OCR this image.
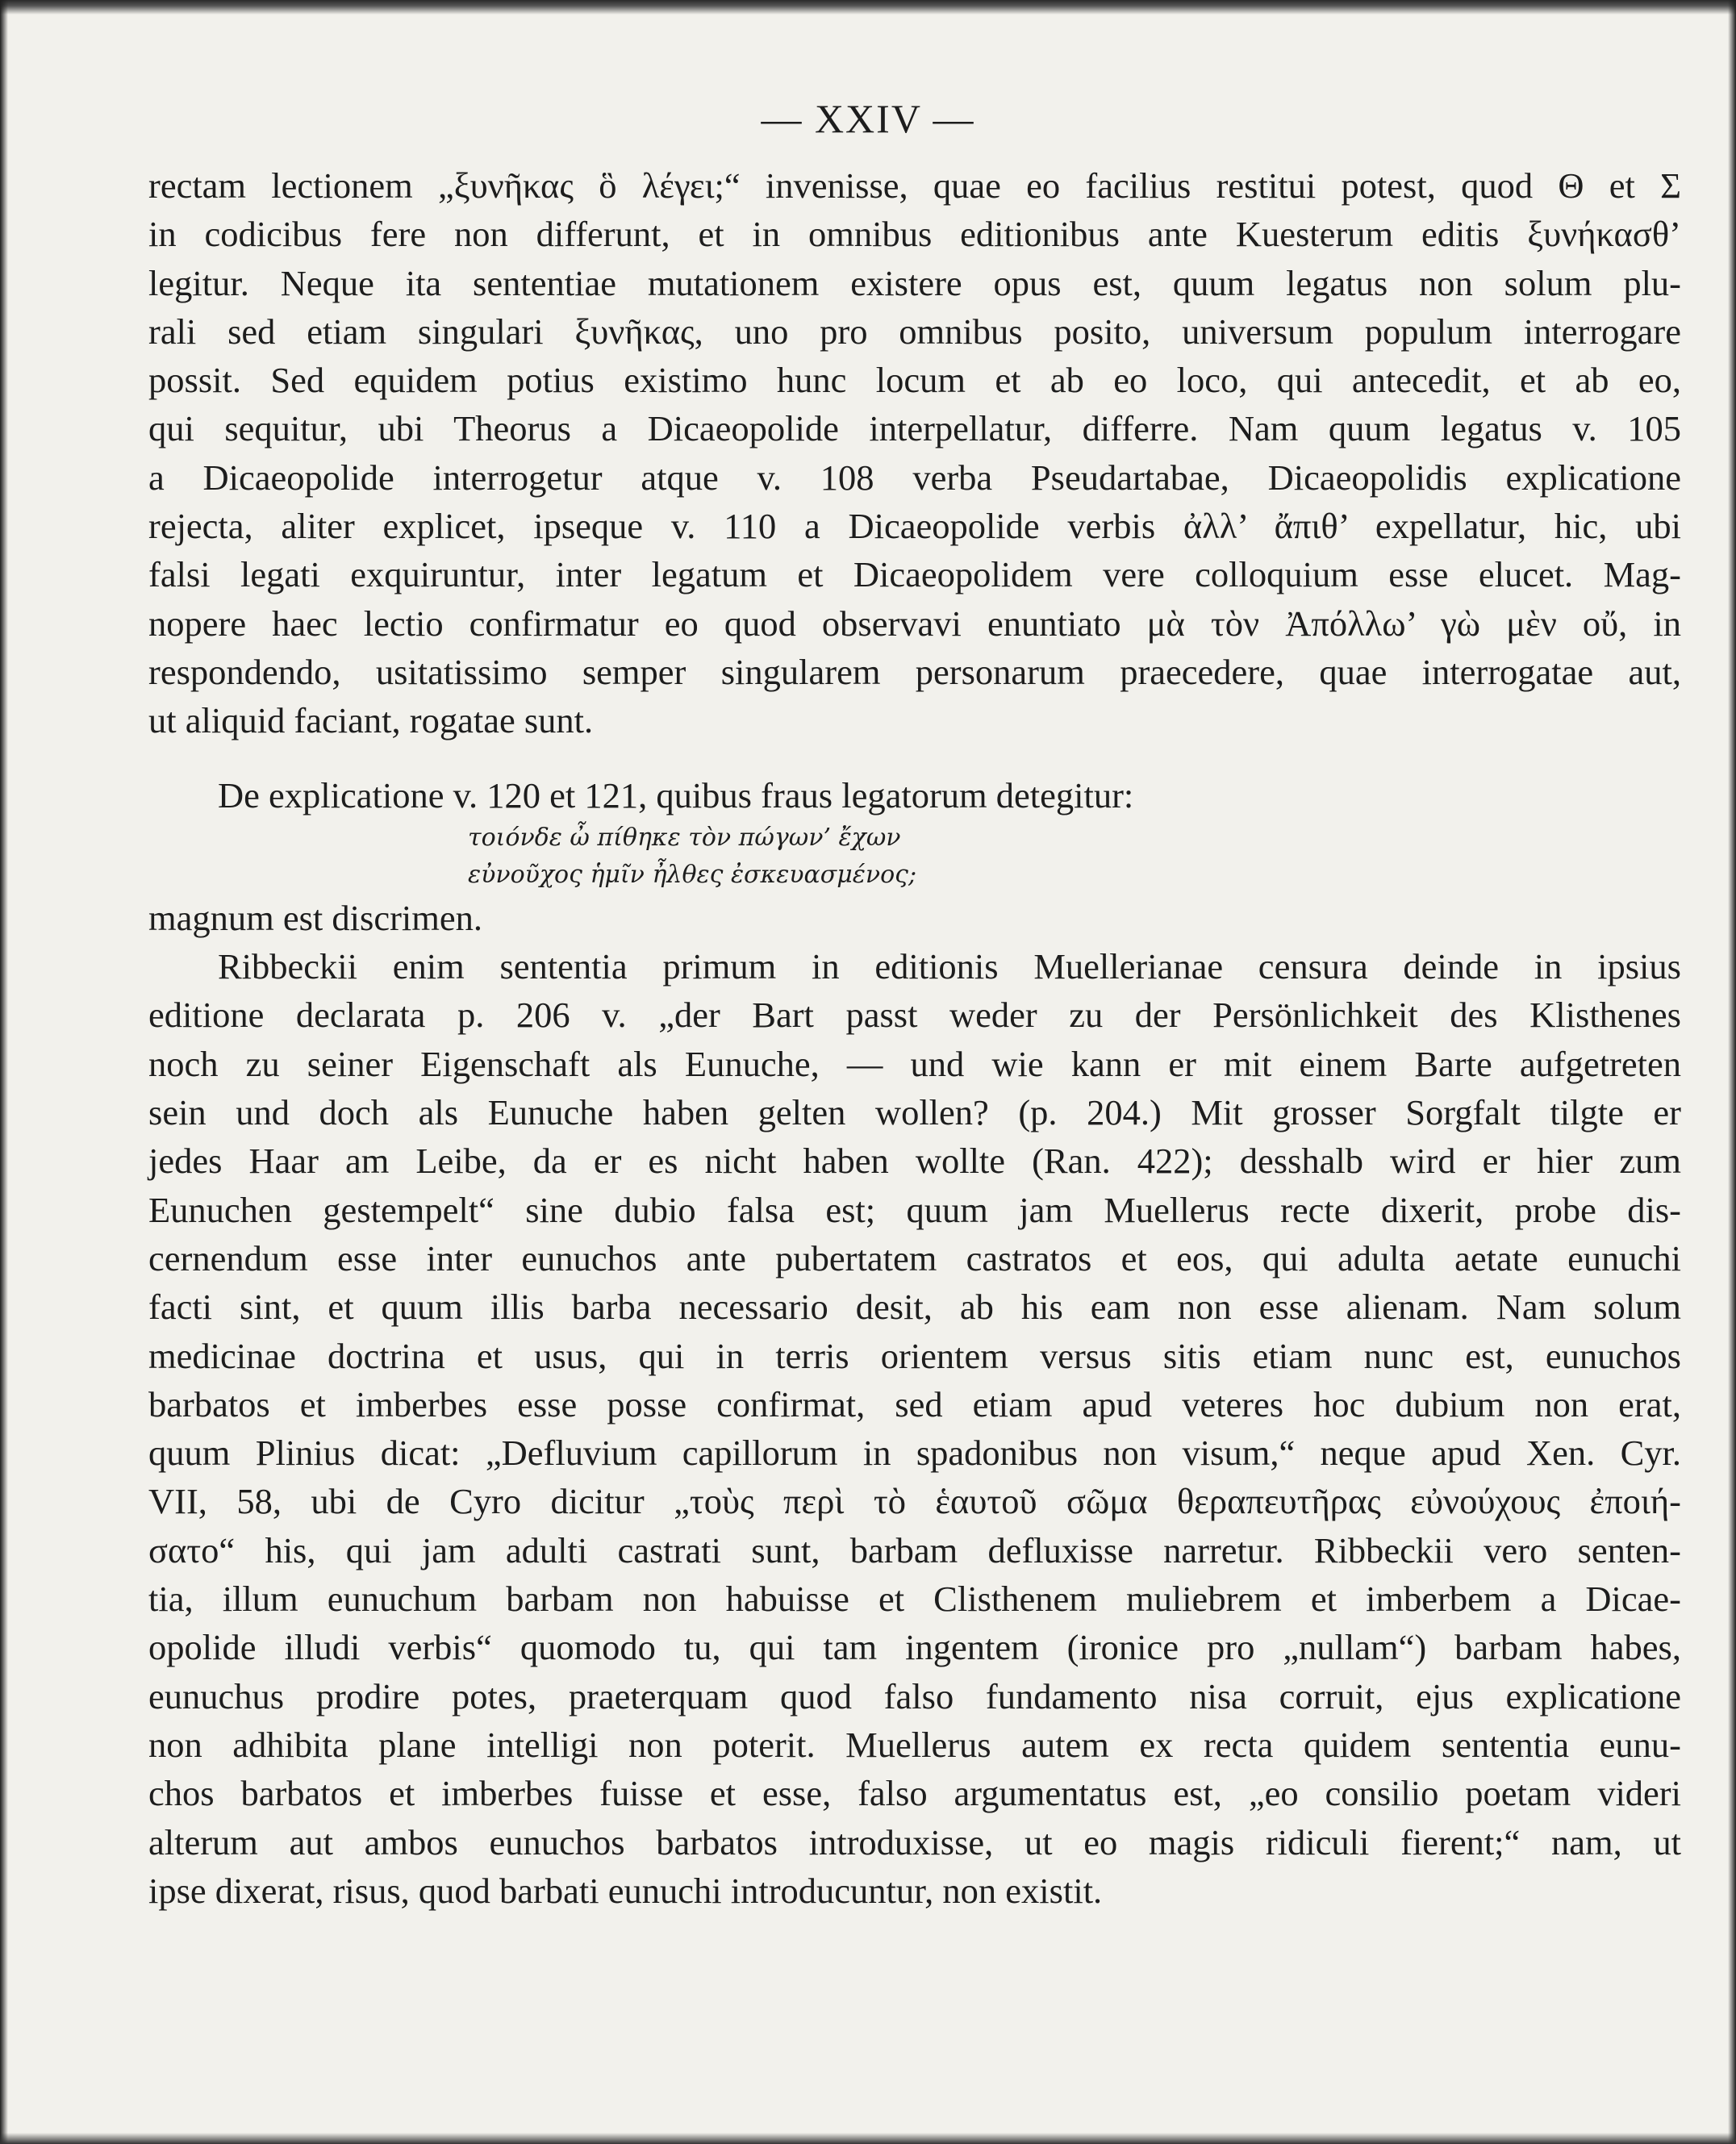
— XXIV —
rectam lectionem „ξυνῆκας ὃ λέγει;“ invenisse, quae eo facilius restitui potest, quod Θ et Σ
in codicibus fere non differunt, et in omnibus editionibus ante Kuesterum editis ξυνήκασθ’
legitur. Neque ita sententiae mutationem existere opus est, quum legatus non solum plu-
rali sed etiam singulari ξυνῆκας, uno pro omnibus posito, universum populum interrogare
possit. Sed equidem potius existimo hunc locum et ab eo loco, qui antecedit, et ab eo,
qui sequitur, ubi Theorus a Dicaeopolide interpellatur, differre. Nam quum legatus v. 105
a Dicaeopolide interrogetur atque v. 108 verba Pseudartabae, Dicaeopolidis explicatione
rejecta, aliter explicet, ipseque v. 110 a Dicaeopolide verbis ἀλλ’ ἄπιθ’ expellatur, hic, ubi
falsi legati exquiruntur, inter legatum et Dicaeopolidem vere colloquium esse elucet. Mag-
nopere haec lectio confirmatur eo quod observavi enuntiato μὰ τὸν Ἀπόλλω’ γὼ μὲν οὔ, in
respondendo, usitatissimo semper singularem personarum praecedere, quae interrogatae aut,
ut aliquid faciant, rogatae sunt.
De explicatione v. 120 et 121, quibus fraus legatorum detegitur:
τοιόνδε ὦ πίθηκε τὸν πώγων’ ἔχων
εὐνοῦχος ἡμῖν ἦλθες ἐσκευασμένος;
magnum est discrimen.
Ribbeckii enim sententia primum in editionis Muellerianae censura deinde in ipsius
editione declarata p. 206 v. „der Bart passt weder zu der Persönlichkeit des Klisthenes
noch zu seiner Eigenschaft als Eunuche, — und wie kann er mit einem Barte aufgetreten
sein und doch als Eunuche haben gelten wollen? (p. 204.) Mit grosser Sorgfalt tilgte er
jedes Haar am Leibe, da er es nicht haben wollte (Ran. 422); desshalb wird er hier zum
Eunuchen gestempelt“ sine dubio falsa est; quum jam Muellerus recte dixerit, probe dis-
cernendum esse inter eunuchos ante pubertatem castratos et eos, qui adulta aetate eunuchi
facti sint, et quum illis barba necessario desit, ab his eam non esse alienam. Nam solum
medicinae doctrina et usus, qui in terris orientem versus sitis etiam nunc est, eunuchos
barbatos et imberbes esse posse confirmat, sed etiam apud veteres hoc dubium non erat,
quum Plinius dicat: „Defluvium capillorum in spadonibus non visum,“ neque apud Xen. Cyr.
VII, 58, ubi de Cyro dicitur „τοὺς περὶ τὸ ἑαυτοῦ σῶμα θεραπευτῆρας εὐνούχους ἐποιή-
σατο“ his, qui jam adulti castrati sunt, barbam defluxisse narretur. Ribbeckii vero senten-
tia, illum eunuchum barbam non habuisse et Clisthenem muliebrem et imberbem a Dicae-
opolide illudi verbis“ quomodo tu, qui tam ingentem (ironice pro „nullam“) barbam habes,
eunuchus prodire potes, praeterquam quod falso fundamento nisa corruit, ejus explicatione
non adhibita plane intelligi non poterit. Muellerus autem ex recta quidem sententia eunu-
chos barbatos et imberbes fuisse et esse, falso argumentatus est, „eo consilio poetam videri
alterum aut ambos eunuchos barbatos introduxisse, ut eo magis ridiculi fierent;“ nam, ut
ipse dixerat, risus, quod barbati eunuchi introducuntur, non existit.
